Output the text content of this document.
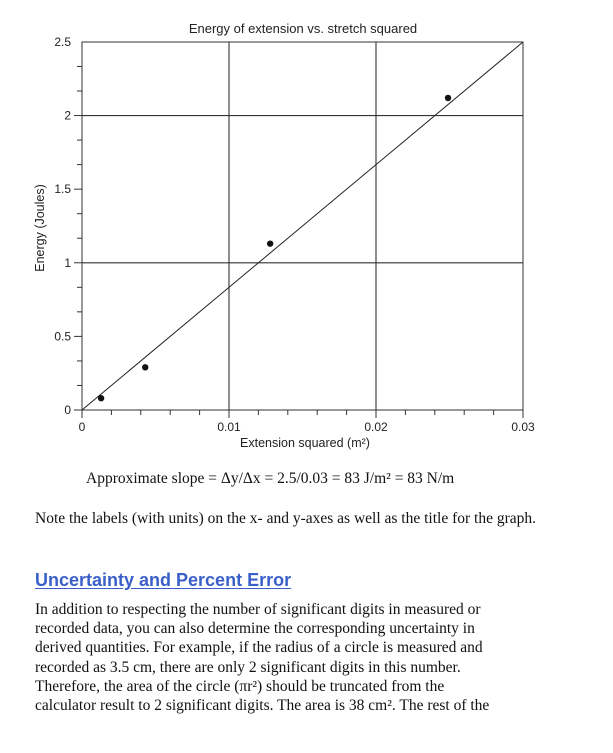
Energy of extension vs. stretch squared
Energy (Joules)
Extension squared (m²)
0	0.01	0.02	0.03
0
0.5
1
1.5
2
2.5
Approximate slope = Δy/Δx = 2.5/0.03 = 83 J/m² = 83 N/m
Note the labels (with units) on the x- and y-axes as well as the title for the graph.
Uncertainty and Percent Error
In addition to respecting the number of significant digits in measured or
recorded data, you can also determine the corresponding uncertainty in
derived quantities. For example, if the radius of a circle is measured and
recorded as 3.5 cm, there are only 2 significant digits in this number.
Therefore, the area of the circle (πr²) should be truncated from the
calculator result to 2 significant digits. The area is 38 cm². The rest of the
